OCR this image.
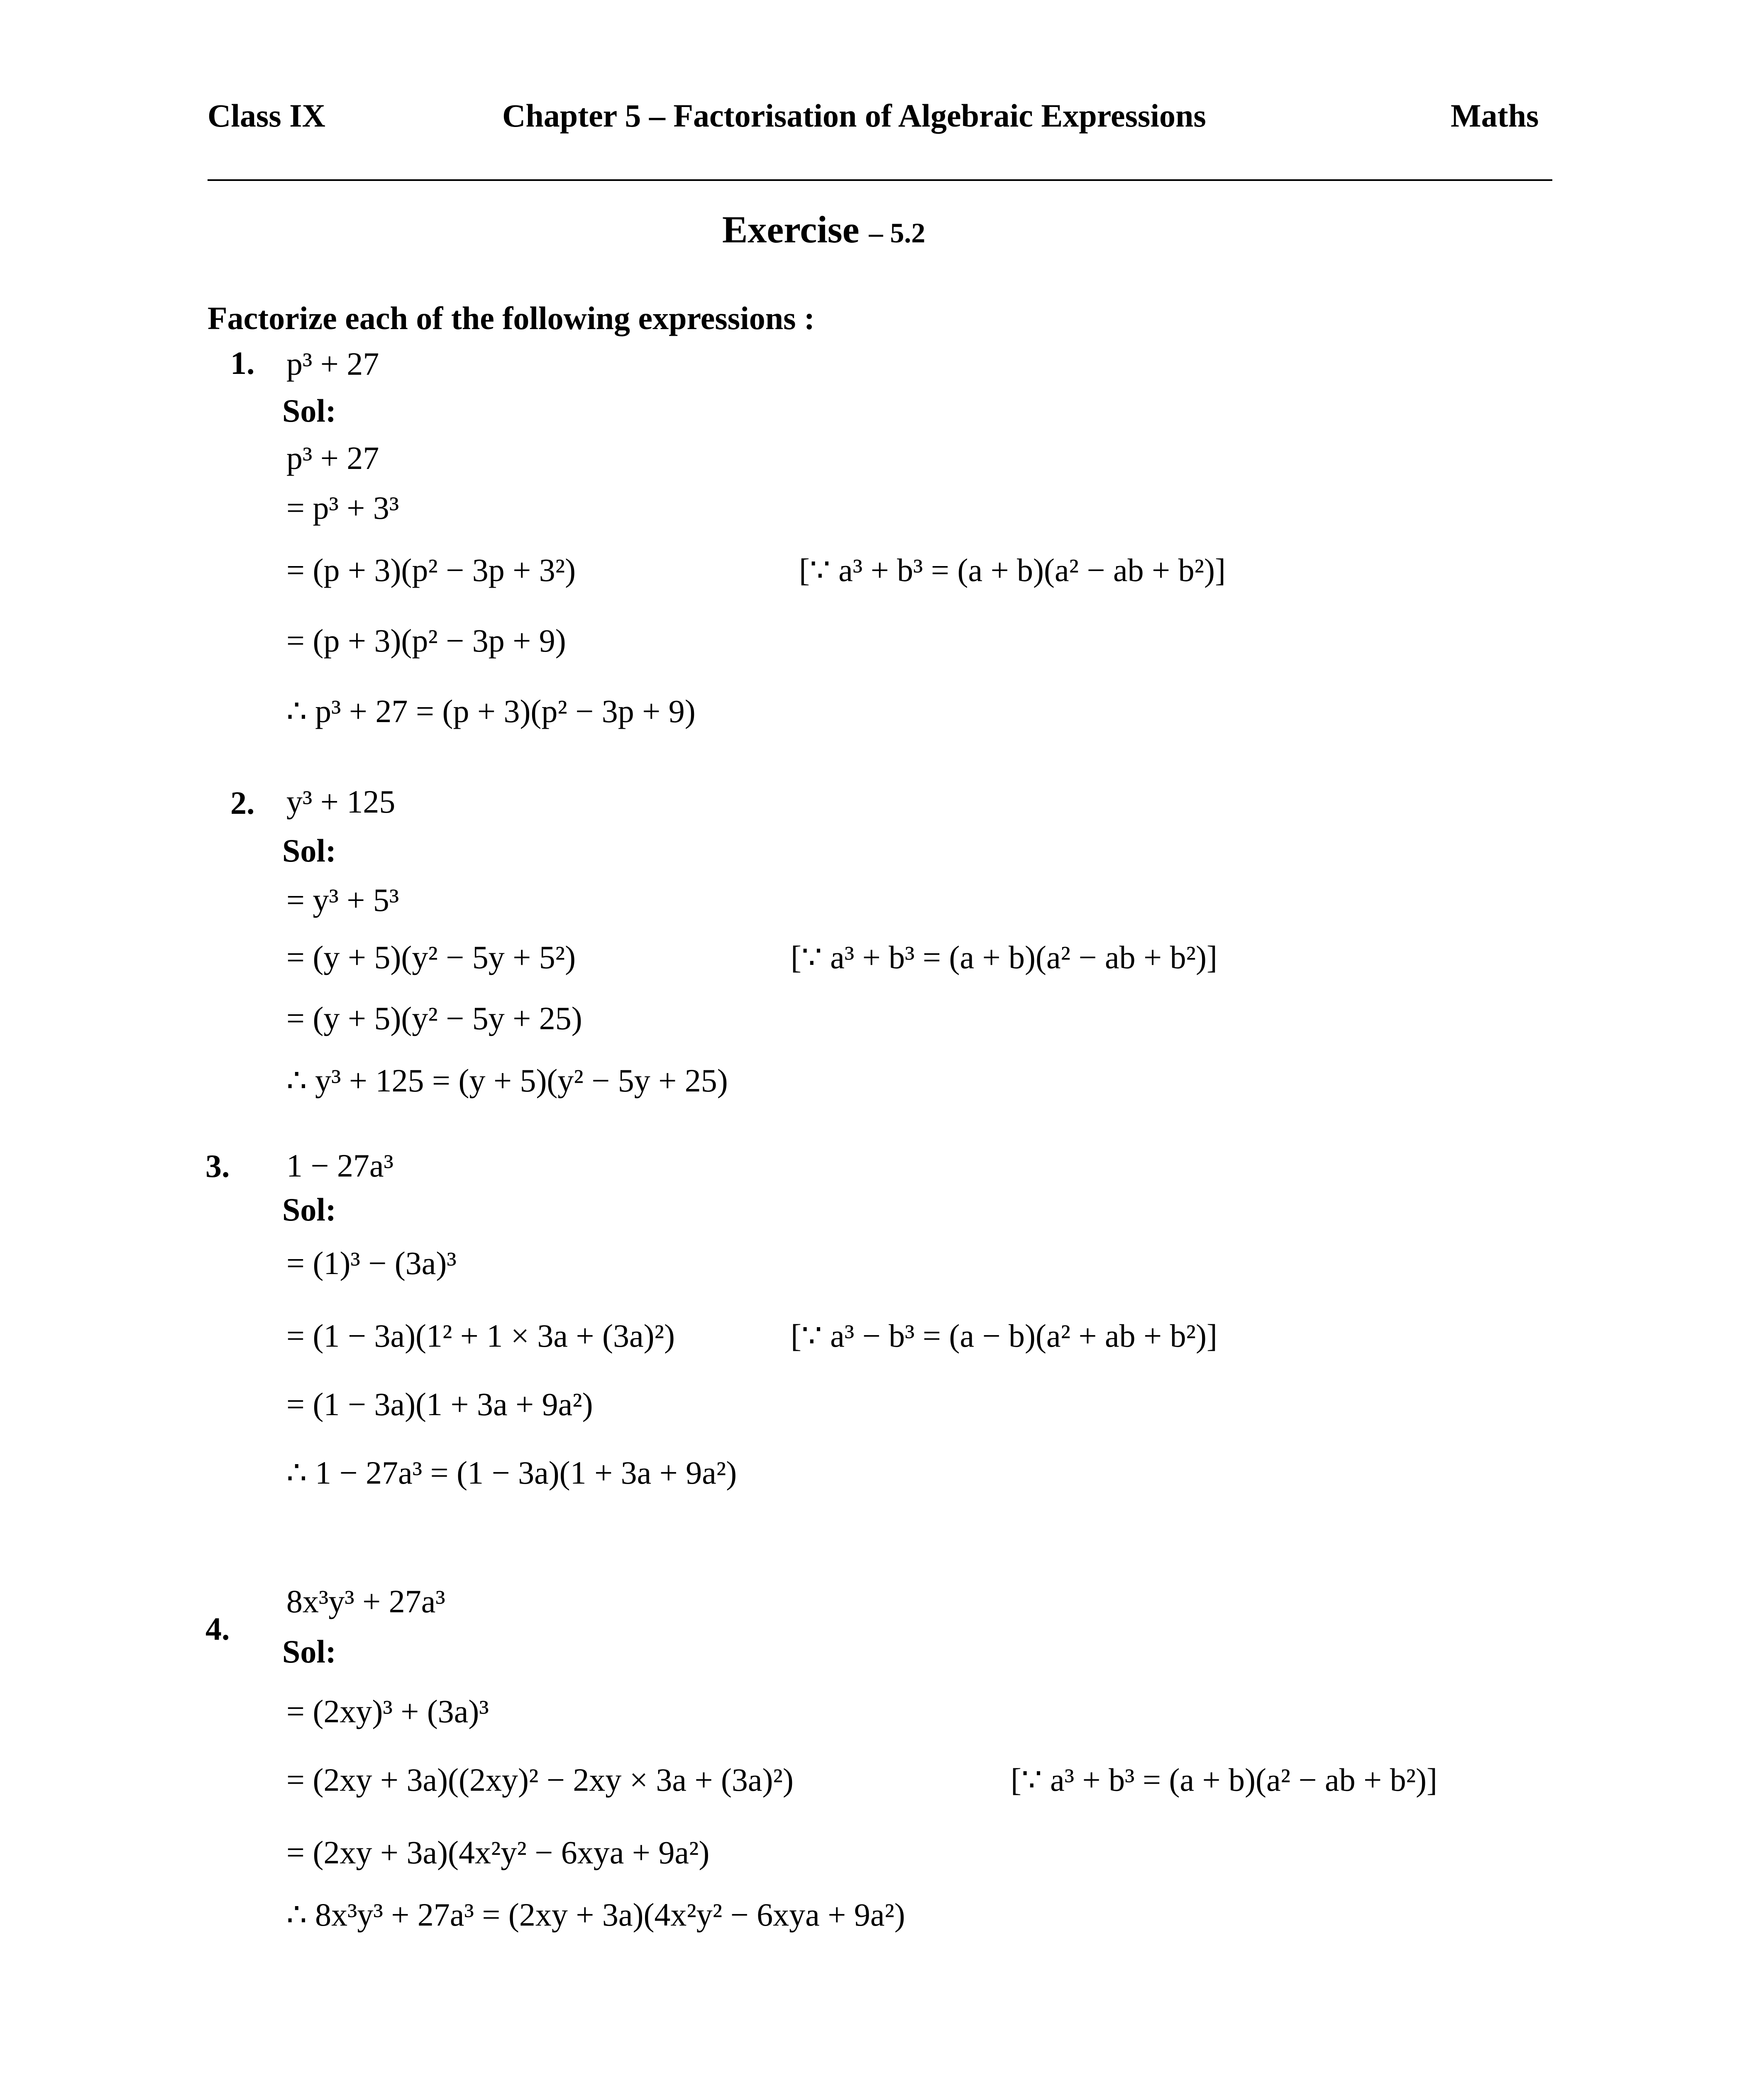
Class IX	Chapter 5 – Factorisation of Algebraic Expressions	Maths
Exercise – 5.2
Factorize each of the following expressions :
1. p³ + 27
Sol:
p³ + 27
= p³ + 3³
= (p + 3)(p² − 3p + 3²)	[∵ a³ + b³ = (a + b)(a² − ab + b²)]
= (p + 3)(p² − 3p + 9)
∴ p³ + 27 = (p + 3)(p² − 3p + 9)
2. y³ + 125
Sol:
= y³ + 5³
= (y + 5)(y² − 5y + 5²)	[∵ a³ + b³ = (a + b)(a² − ab + b²)]
= (y + 5)(y² − 5y + 25)
∴ y³ + 125 = (y + 5)(y² − 5y + 25)
3. 1 − 27a³
Sol:
= (1)³ − (3a)³
= (1 − 3a)(1² + 1 × 3a + (3a)²)	[∵ a³ − b³ = (a − b)(a² + ab + b²)]
= (1 − 3a)(1 + 3a + 9a²)
∴ 1 − 27a³ = (1 − 3a)(1 + 3a + 9a²)
4.
8x³y³ + 27a³
Sol:
= (2xy)³ + (3a)³
= (2xy + 3a)((2xy)² − 2xy × 3a + (3a)²)	[∵ a³ + b³ = (a + b)(a² − ab + b²)]
= (2xy + 3a)(4x²y² − 6xya + 9a²)
∴ 8x³y³ + 27a³ = (2xy + 3a)(4x²y² − 6xya + 9a²)
